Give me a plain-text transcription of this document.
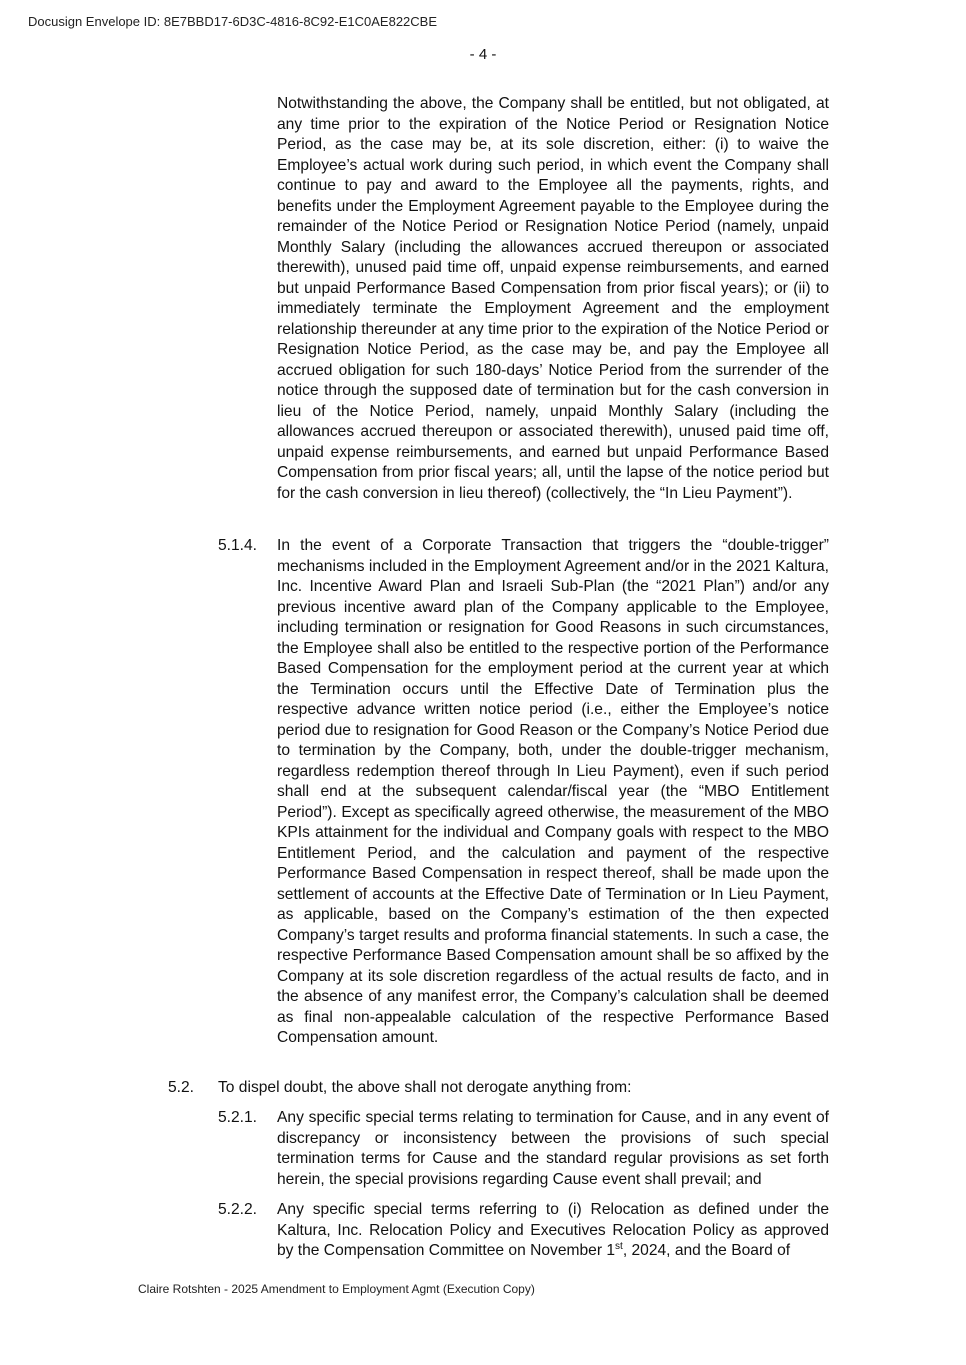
Docusign Envelope ID: 8E7BBD17-6D3C-4816-8C92-E1C0AE822CBE
- 4 -
Notwithstanding the above, the Company shall be entitled, but not obligated, at any time prior to the expiration of the Notice Period or Resignation Notice Period, as the case may be, at its sole discretion, either: (i) to waive the Employee’s actual work during such period, in which event the Company shall continue to pay and award to the Employee all the payments, rights, and benefits under the Employment Agreement payable to the Employee during the remainder of the Notice Period or Resignation Notice Period (namely, unpaid Monthly Salary (including the allowances accrued thereupon or associated therewith), unused paid time off, unpaid expense reimbursements, and earned but unpaid Performance Based Compensation from prior fiscal years); or (ii) to immediately terminate the Employment Agreement and the employment relationship thereunder at any time prior to the expiration of the Notice Period or Resignation Notice Period, as the case may be, and pay the Employee all accrued obligation for such 180-days’ Notice Period from the surrender of the notice through the supposed date of termination but for the cash conversion in lieu of the Notice Period, namely, unpaid Monthly Salary (including the allowances accrued thereupon or associated therewith), unused paid time off, unpaid expense reimbursements, and earned but unpaid Performance Based Compensation from prior fiscal years; all, until the lapse of the notice period but for the cash conversion in lieu thereof) (collectively, the “In Lieu Payment”).
5.1.4. In the event of a Corporate Transaction that triggers the “double-trigger” mechanisms included in the Employment Agreement and/or in the 2021 Kaltura, Inc. Incentive Award Plan and Israeli Sub-Plan (the “2021 Plan”) and/or any previous incentive award plan of the Company applicable to the Employee, including termination or resignation for Good Reasons in such circumstances, the Employee shall also be entitled to the respective portion of the Performance Based Compensation for the employment period at the current year at which the Termination occurs until the Effective Date of Termination plus the respective advance written notice period (i.e., either the Employee’s notice period due to resignation for Good Reason or the Company’s Notice Period due to termination by the Company, both, under the double-trigger mechanism, regardless redemption thereof through In Lieu Payment), even if such period shall end at the subsequent calendar/fiscal year (the “MBO Entitlement Period”). Except as specifically agreed otherwise, the measurement of the MBO KPIs attainment for the individual and Company goals with respect to the MBO Entitlement Period, and the calculation and payment of the respective Performance Based Compensation in respect thereof, shall be made upon the settlement of accounts at the Effective Date of Termination or In Lieu Payment, as applicable, based on the Company’s estimation of the then expected Company’s target results and proforma financial statements. In such a case, the respective Performance Based Compensation amount shall be so affixed by the Company at its sole discretion regardless of the actual results de facto, and in the absence of any manifest error, the Company’s calculation shall be deemed as final non-appealable calculation of the respective Performance Based Compensation amount.
5.2. To dispel doubt, the above shall not derogate anything from:
5.2.1. Any specific special terms relating to termination for Cause, and in any event of discrepancy or inconsistency between the provisions of such special termination terms for Cause and the standard regular provisions as set forth herein, the special provisions regarding Cause event shall prevail; and
5.2.2. Any specific special terms referring to (i) Relocation as defined under the Kaltura, Inc. Relocation Policy and Executives Relocation Policy as approved by the Compensation Committee on November 1st, 2024, and the Board of
Claire Rotshten - 2025 Amendment to Employment Agmt (Execution Copy)
